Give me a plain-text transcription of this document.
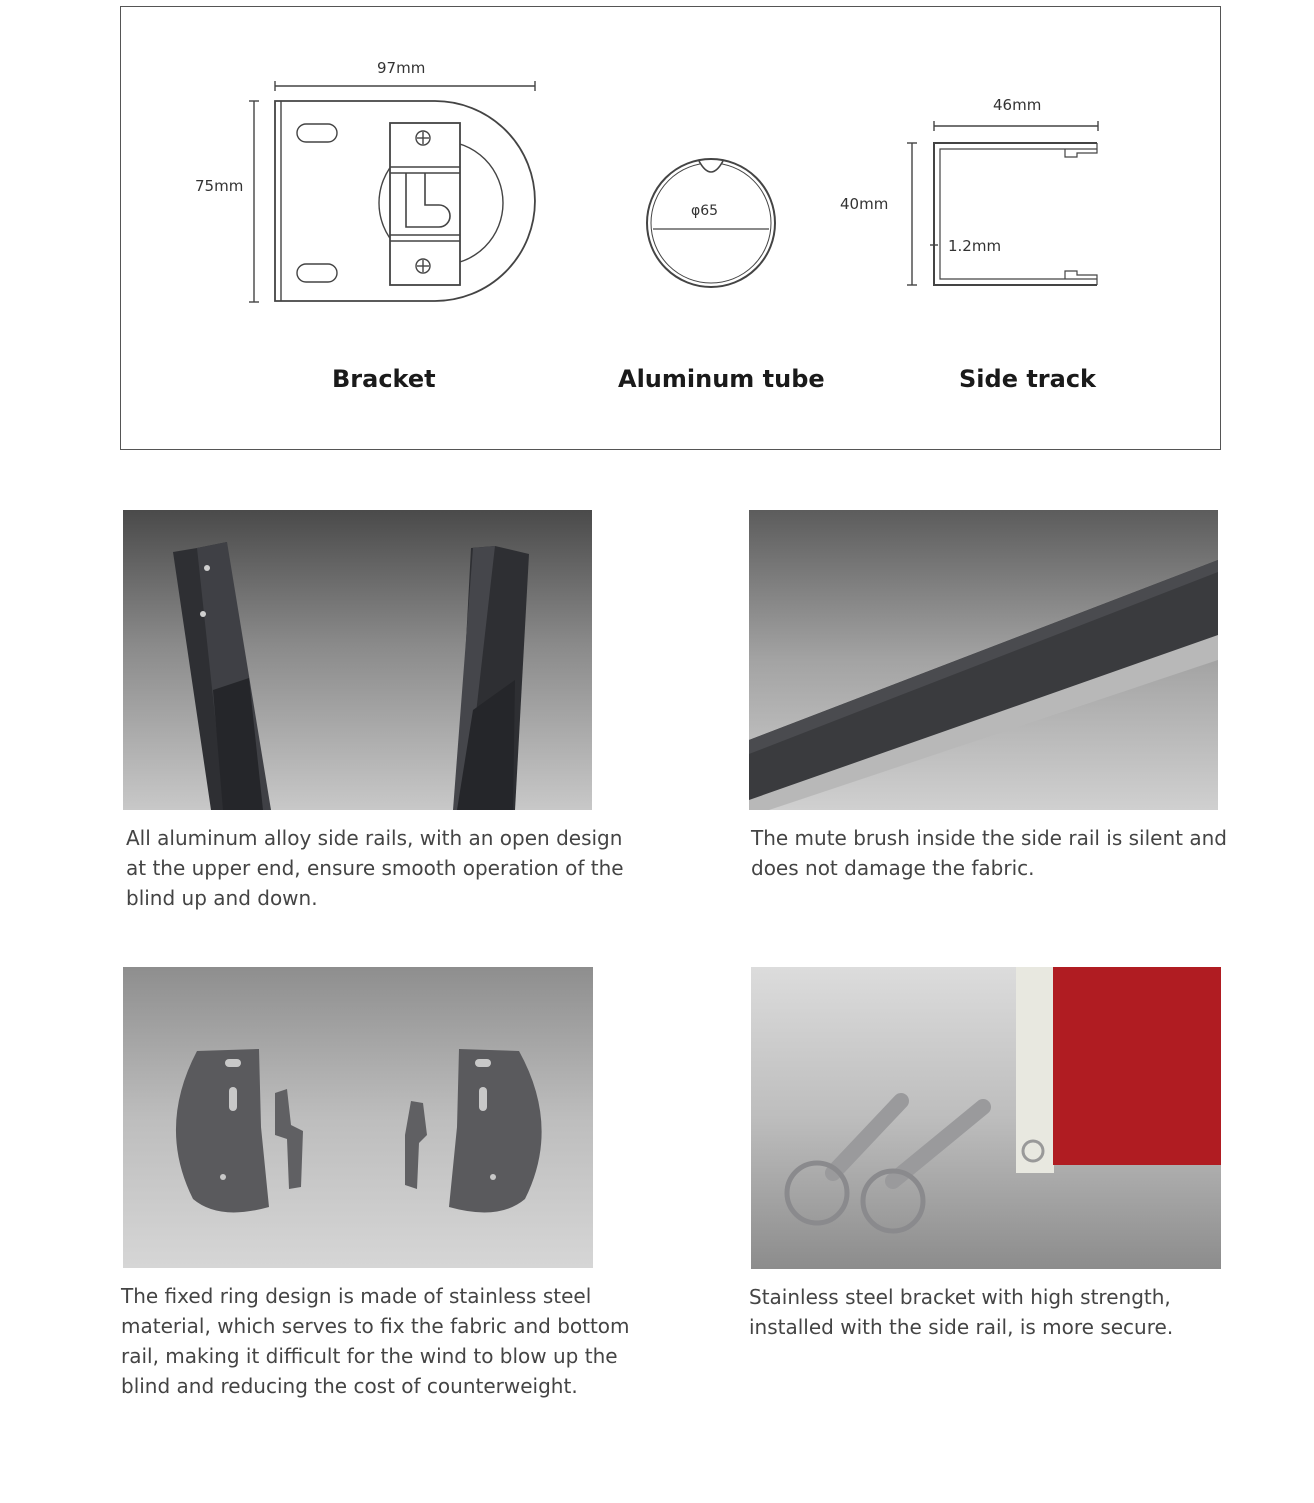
97mm
75mm
φ65
46mm
40mm
1.2mm
Bracket	Aluminum tube	Side track
All aluminum alloy side rails, with an open design at the upper end, ensure smooth operation of the blind up and down.
The mute brush inside the side rail is silent and does not damage the fabric.
The fixed ring design is made of stainless steel material, which serves to fix the fabric and bottom rail, making it difficult for the wind to blow up the blind and reducing the cost of counterweight.
Stainless steel bracket with high strength, installed with the side rail, is more secure.
